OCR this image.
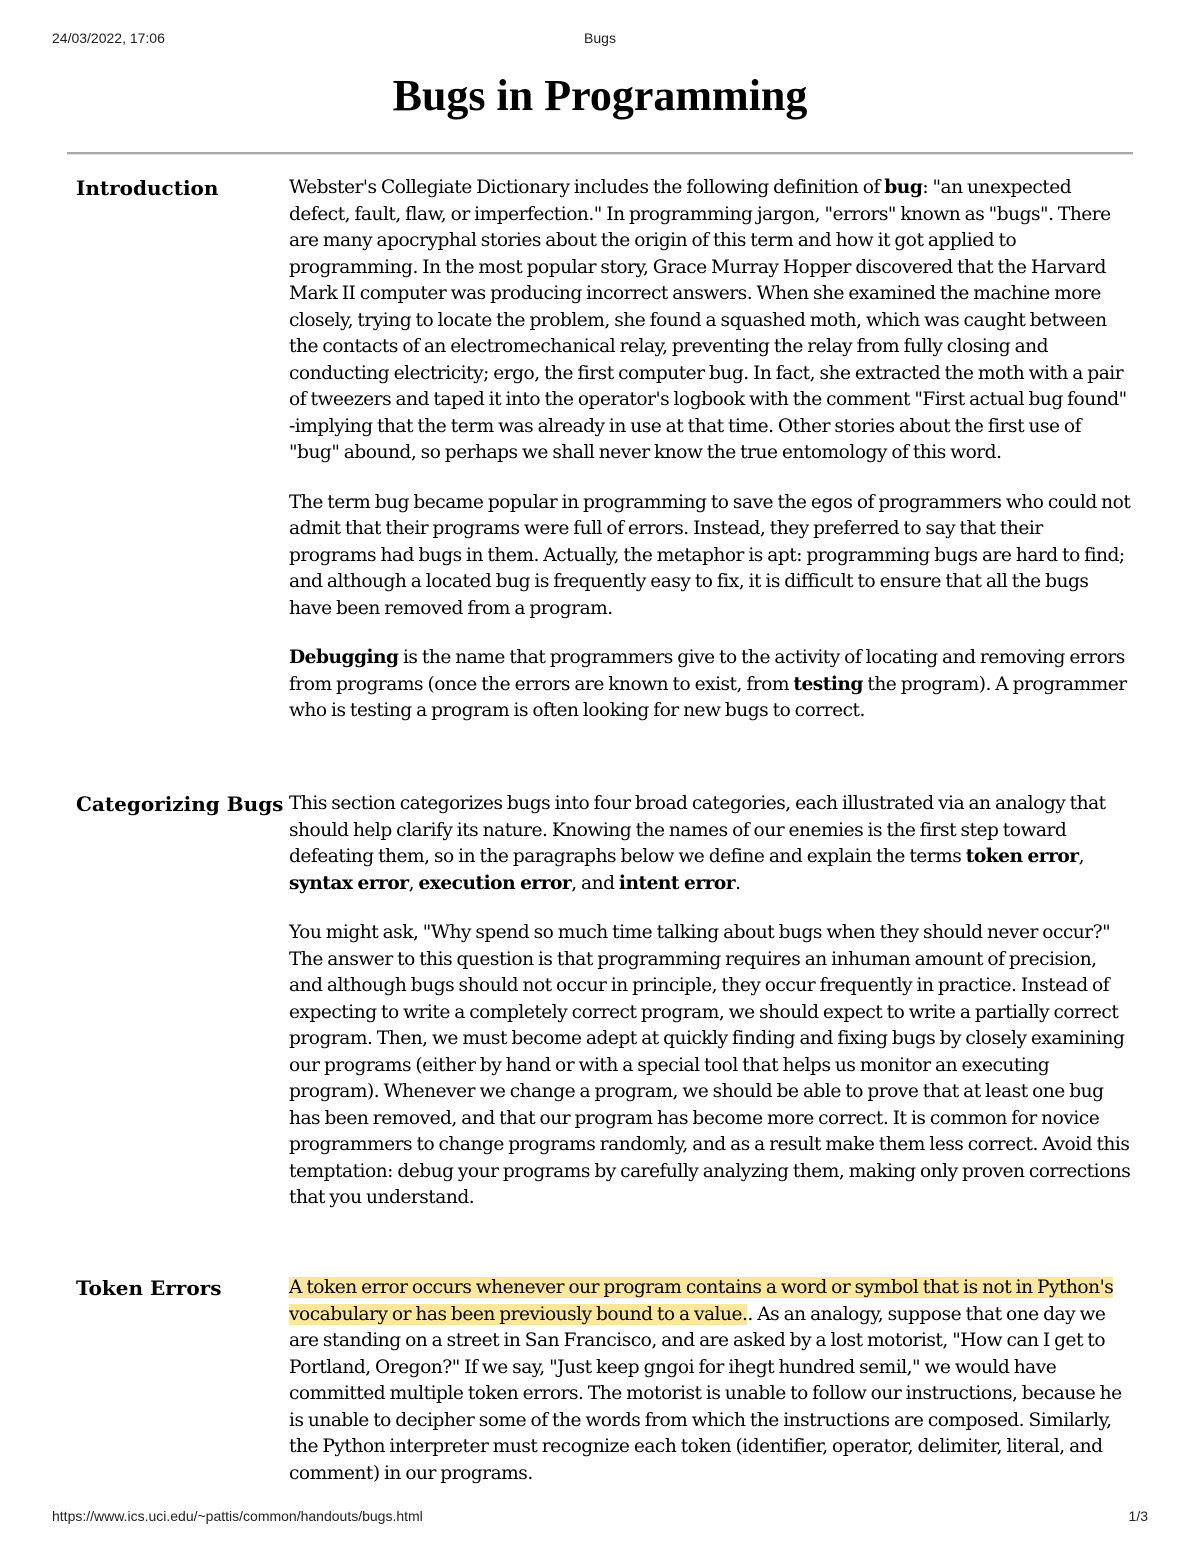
24/03/2022, 17:06	Bugs
Bugs in Programming
Introduction	Webster's Collegiate Dictionary includes the following definition of bug: "an unexpected defect, fault, flaw, or imperfection." In programming jargon, "errors" known as "bugs". There are many apocryphal stories about the origin of this term and how it got applied to programming. In the most popular story, Grace Murray Hopper discovered that the Harvard Mark II computer was producing incorrect answers. When she examined the machine more closely, trying to locate the problem, she found a squashed moth, which was caught between the contacts of an electromechanical relay, preventing the relay from fully closing and conducting electricity; ergo, the first computer bug. In fact, she extracted the moth with a pair of tweezers and taped it into the operator's logbook with the comment "First actual bug found" -implying that the term was already in use at that time. Other stories about the first use of "bug" abound, so perhaps we shall never know the true entomology of this word.

The term bug became popular in programming to save the egos of programmers who could not admit that their programs were full of errors. Instead, they preferred to say that their programs had bugs in them. Actually, the metaphor is apt: programming bugs are hard to find; and although a located bug is frequently easy to fix, it is difficult to ensure that all the bugs have been removed from a program.

Debugging is the name that programmers give to the activity of locating and removing errors from programs (once the errors are known to exist, from testing the program). A programmer who is testing a program is often looking for new bugs to correct.

Categorizing Bugs This section categorizes bugs into four broad categories, each illustrated via an analogy that should help clarify its nature. Knowing the names of our enemies is the first step toward defeating them, so in the paragraphs below we define and explain the terms token error, syntax error, execution error, and intent error.

You might ask, "Why spend so much time talking about bugs when they should never occur?" The answer to this question is that programming requires an inhuman amount of precision, and although bugs should not occur in principle, they occur frequently in practice. Instead of expecting to write a completely correct program, we should expect to write a partially correct program. Then, we must become adept at quickly finding and fixing bugs by closely examining our programs (either by hand or with a special tool that helps us monitor an executing program). Whenever we change a program, we should be able to prove that at least one bug has been removed, and that our program has become more correct. It is common for novice programmers to change programs randomly, and as a result make them less correct. Avoid this temptation: debug your programs by carefully analyzing them, making only proven corrections that you understand.

Token Errors	A token error occurs whenever our program contains a word or symbol that is not in Python's vocabulary or has been previously bound to a value.. As an analogy, suppose that one day we are standing on a street in San Francisco, and are asked by a lost motorist, "How can I get to Portland, Oregon?" If we say, "Just keep gngoi for ihegt hundred semil," we would have committed multiple token errors. The motorist is unable to follow our instructions, because he is unable to decipher some of the words from which the instructions are composed. Similarly, the Python interpreter must recognize each token (identifier, operator, delimiter, literal, and comment) in our programs.

https://www.ics.uci.edu/~pattis/common/handouts/bugs.html	1/3
